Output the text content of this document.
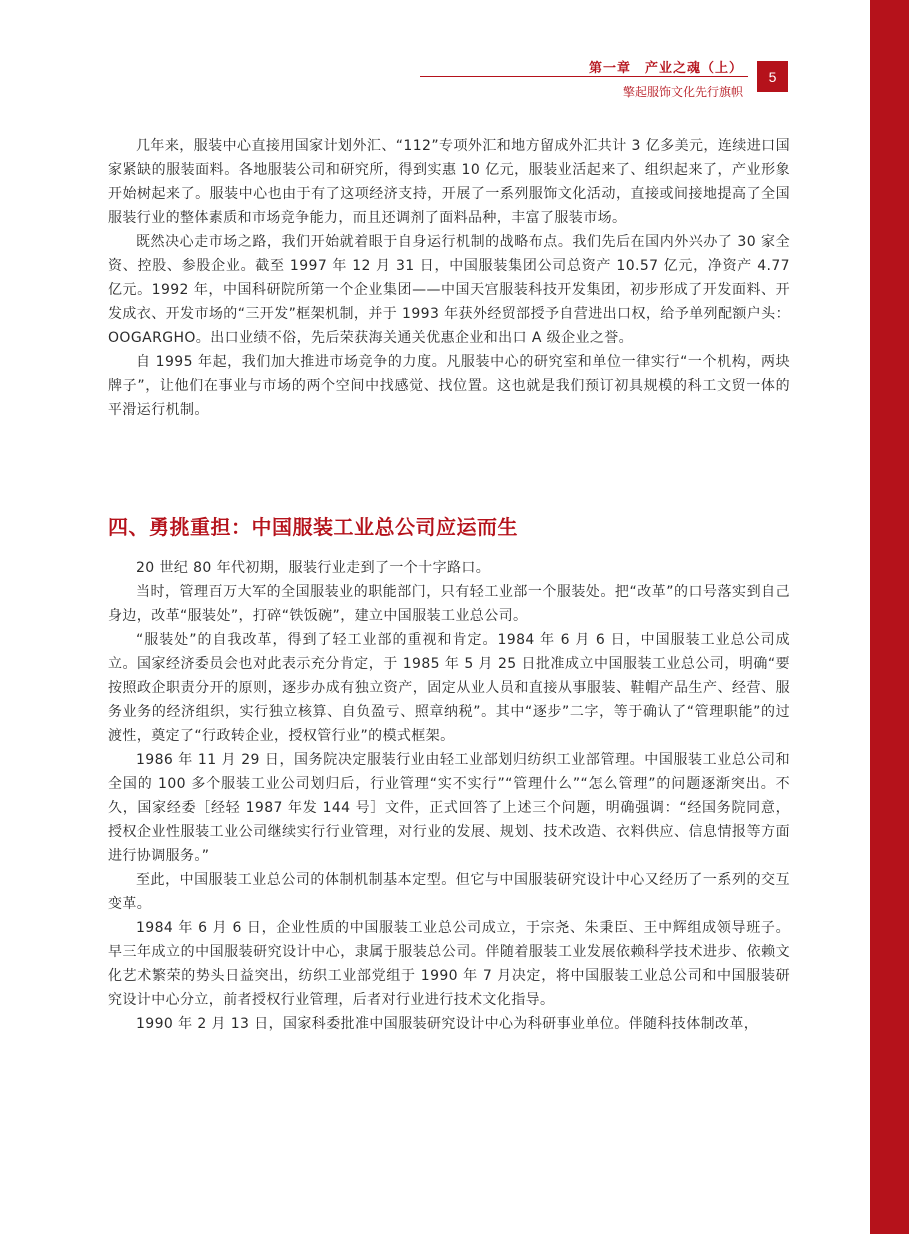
第一章　产业之魂（上）
擎起服饰文化先行旗帜
5

几年来，服装中心直接用国家计划外汇、“112”专项外汇和地方留成外汇共计 3 亿多美元，连续进口国家紧缺的服装面料。各地服装公司和研究所，得到实惠 10 亿元，服装业活起来了、组织起来了，产业形象开始树起来了。服装中心也由于有了这项经济支持，开展了一系列服饰文化活动，直接或间接地提高了全国服装行业的整体素质和市场竞争能力，而且还调剂了面料品种，丰富了服装市场。

既然决心走市场之路，我们开始就着眼于自身运行机制的战略布点。我们先后在国内外兴办了 30 家全资、控股、参股企业。截至 1997 年 12 月 31 日，中国服装集团公司总资产 10.57 亿元，净资产 4.77 亿元。1992 年，中国科研院所第一个企业集团——中国天宫服装科技开发集团，初步形成了开发面料、开发成衣、开发市场的“三开发”框架机制，并于 1993 年获外经贸部授予自营进出口权，给予单列配额户头：OOGARGHO。出口业绩不俗，先后荣获海关通关优惠企业和出口 A 级企业之誉。

自 1995 年起，我们加大推进市场竞争的力度。凡服装中心的研究室和单位一律实行“一个机构，两块牌子”，让他们在事业与市场的两个空间中找感觉、找位置。这也就是我们预订初具规模的科工文贸一体的平滑运行机制。

四、勇挑重担：中国服装工业总公司应运而生

20 世纪 80 年代初期，服装行业走到了一个十字路口。

当时，管理百万大军的全国服装业的职能部门，只有轻工业部一个服装处。把“改革”的口号落实到自己身边，改革“服装处”，打碎“铁饭碗”，建立中国服装工业总公司。

“服装处”的自我改革，得到了轻工业部的重视和肯定。1984 年 6 月 6 日，中国服装工业总公司成立。国家经济委员会也对此表示充分肯定，于 1985 年 5 月 25 日批准成立中国服装工业总公司，明确“要按照政企职责分开的原则，逐步办成有独立资产，固定从业人员和直接从事服装、鞋帽产品生产、经营、服务业务的经济组织，实行独立核算、自负盈亏、照章纳税”。其中“逐步”二字，等于确认了“管理职能”的过渡性，奠定了“行政转企业，授权管行业”的模式框架。

1986 年 11 月 29 日，国务院决定服装行业由轻工业部划归纺织工业部管理。中国服装工业总公司和全国的 100 多个服装工业公司划归后，行业管理“实不实行”“管理什么”“怎么管理”的问题逐渐突出。不久，国家经委［经轻 1987 年发 144 号］文件，正式回答了上述三个问题，明确强调：“经国务院同意，授权企业性服装工业公司继续实行行业管理，对行业的发展、规划、技术改造、衣料供应、信息情报等方面进行协调服务。”

至此，中国服装工业总公司的体制机制基本定型。但它与中国服装研究设计中心又经历了一系列的交互变革。

1984 年 6 月 6 日，企业性质的中国服装工业总公司成立，于宗尧、朱秉臣、王中辉组成领导班子。早三年成立的中国服装研究设计中心，隶属于服装总公司。伴随着服装工业发展依赖科学技术进步、依赖文化艺术繁荣的势头日益突出，纺织工业部党组于 1990 年 7 月决定，将中国服装工业总公司和中国服装研究设计中心分立，前者授权行业管理，后者对行业进行技术文化指导。

1990 年 2 月 13 日，国家科委批准中国服装研究设计中心为科研事业单位。伴随科技体制改革，
